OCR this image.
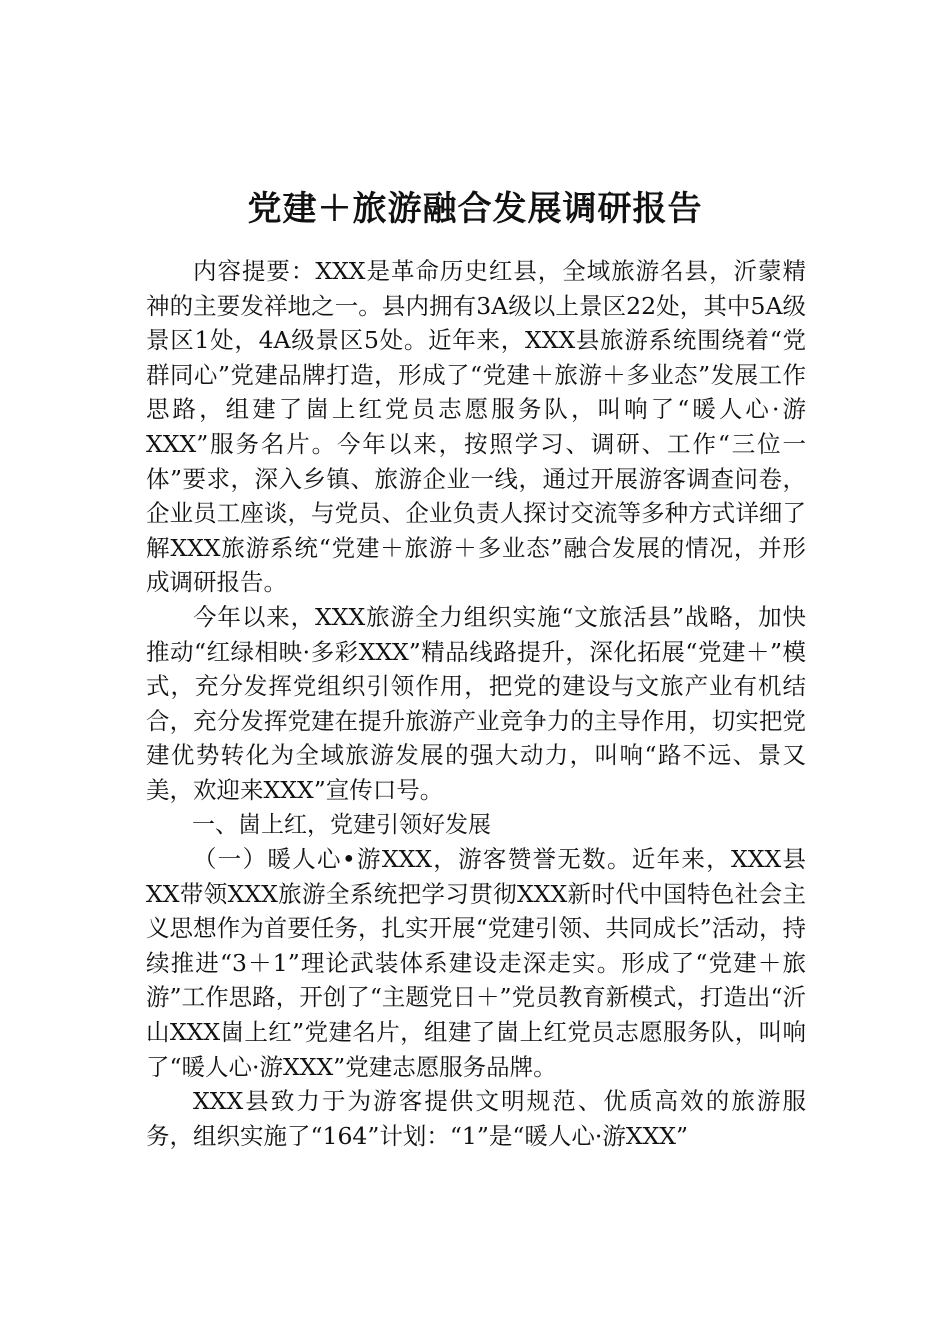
党建＋旅游融合发展调研报告

内容提要：XXX是革命历史红县，全域旅游名县，沂蒙精神的主要发祥地之一。县内拥有3A级以上景区22处，其中5A级景区1处，4A级景区5处。近年来，XXX县旅游系统围绕着“党群同心”党建品牌打造，形成了“党建＋旅游＋多业态”发展工作思路，组建了崮上红党员志愿服务队，叫响了“暖人心·游XXX”服务名片。今年以来，按照学习、调研、工作“三位一体”要求，深入乡镇、旅游企业一线，通过开展游客调查问卷，企业员工座谈，与党员、企业负责人探讨交流等多种方式详细了解XXX旅游系统“党建＋旅游＋多业态”融合发展的情况，并形成调研报告。

今年以来，XXX旅游全力组织实施“文旅活县”战略，加快推动“红绿相映·多彩XXX”精品线路提升，深化拓展“党建＋”模式，充分发挥党组织引领作用，把党的建设与文旅产业有机结合，充分发挥党建在提升旅游产业竞争力的主导作用，切实把党建优势转化为全域旅游发展的强大动力，叫响“路不远、景又美，欢迎来XXX”宣传口号。

一、崮上红，党建引领好发展

（一）暖人心•游XXX，游客赞誉无数。近年来，XXX县XX带领XXX旅游全系统把学习贯彻XXX新时代中国特色社会主义思想作为首要任务，扎实开展“党建引领、共同成长”活动，持续推进“3＋1”理论武装体系建设走深走实。形成了“党建＋旅游”工作思路，开创了“主题党日＋”党员教育新模式，打造出“沂山XXX崮上红”党建名片，组建了崮上红党员志愿服务队，叫响了“暖人心·游XXX”党建志愿服务品牌。

XXX县致力于为游客提供文明规范、优质高效的旅游服务，组织实施了“164”计划：“1”是“暖人心·游XXX”
